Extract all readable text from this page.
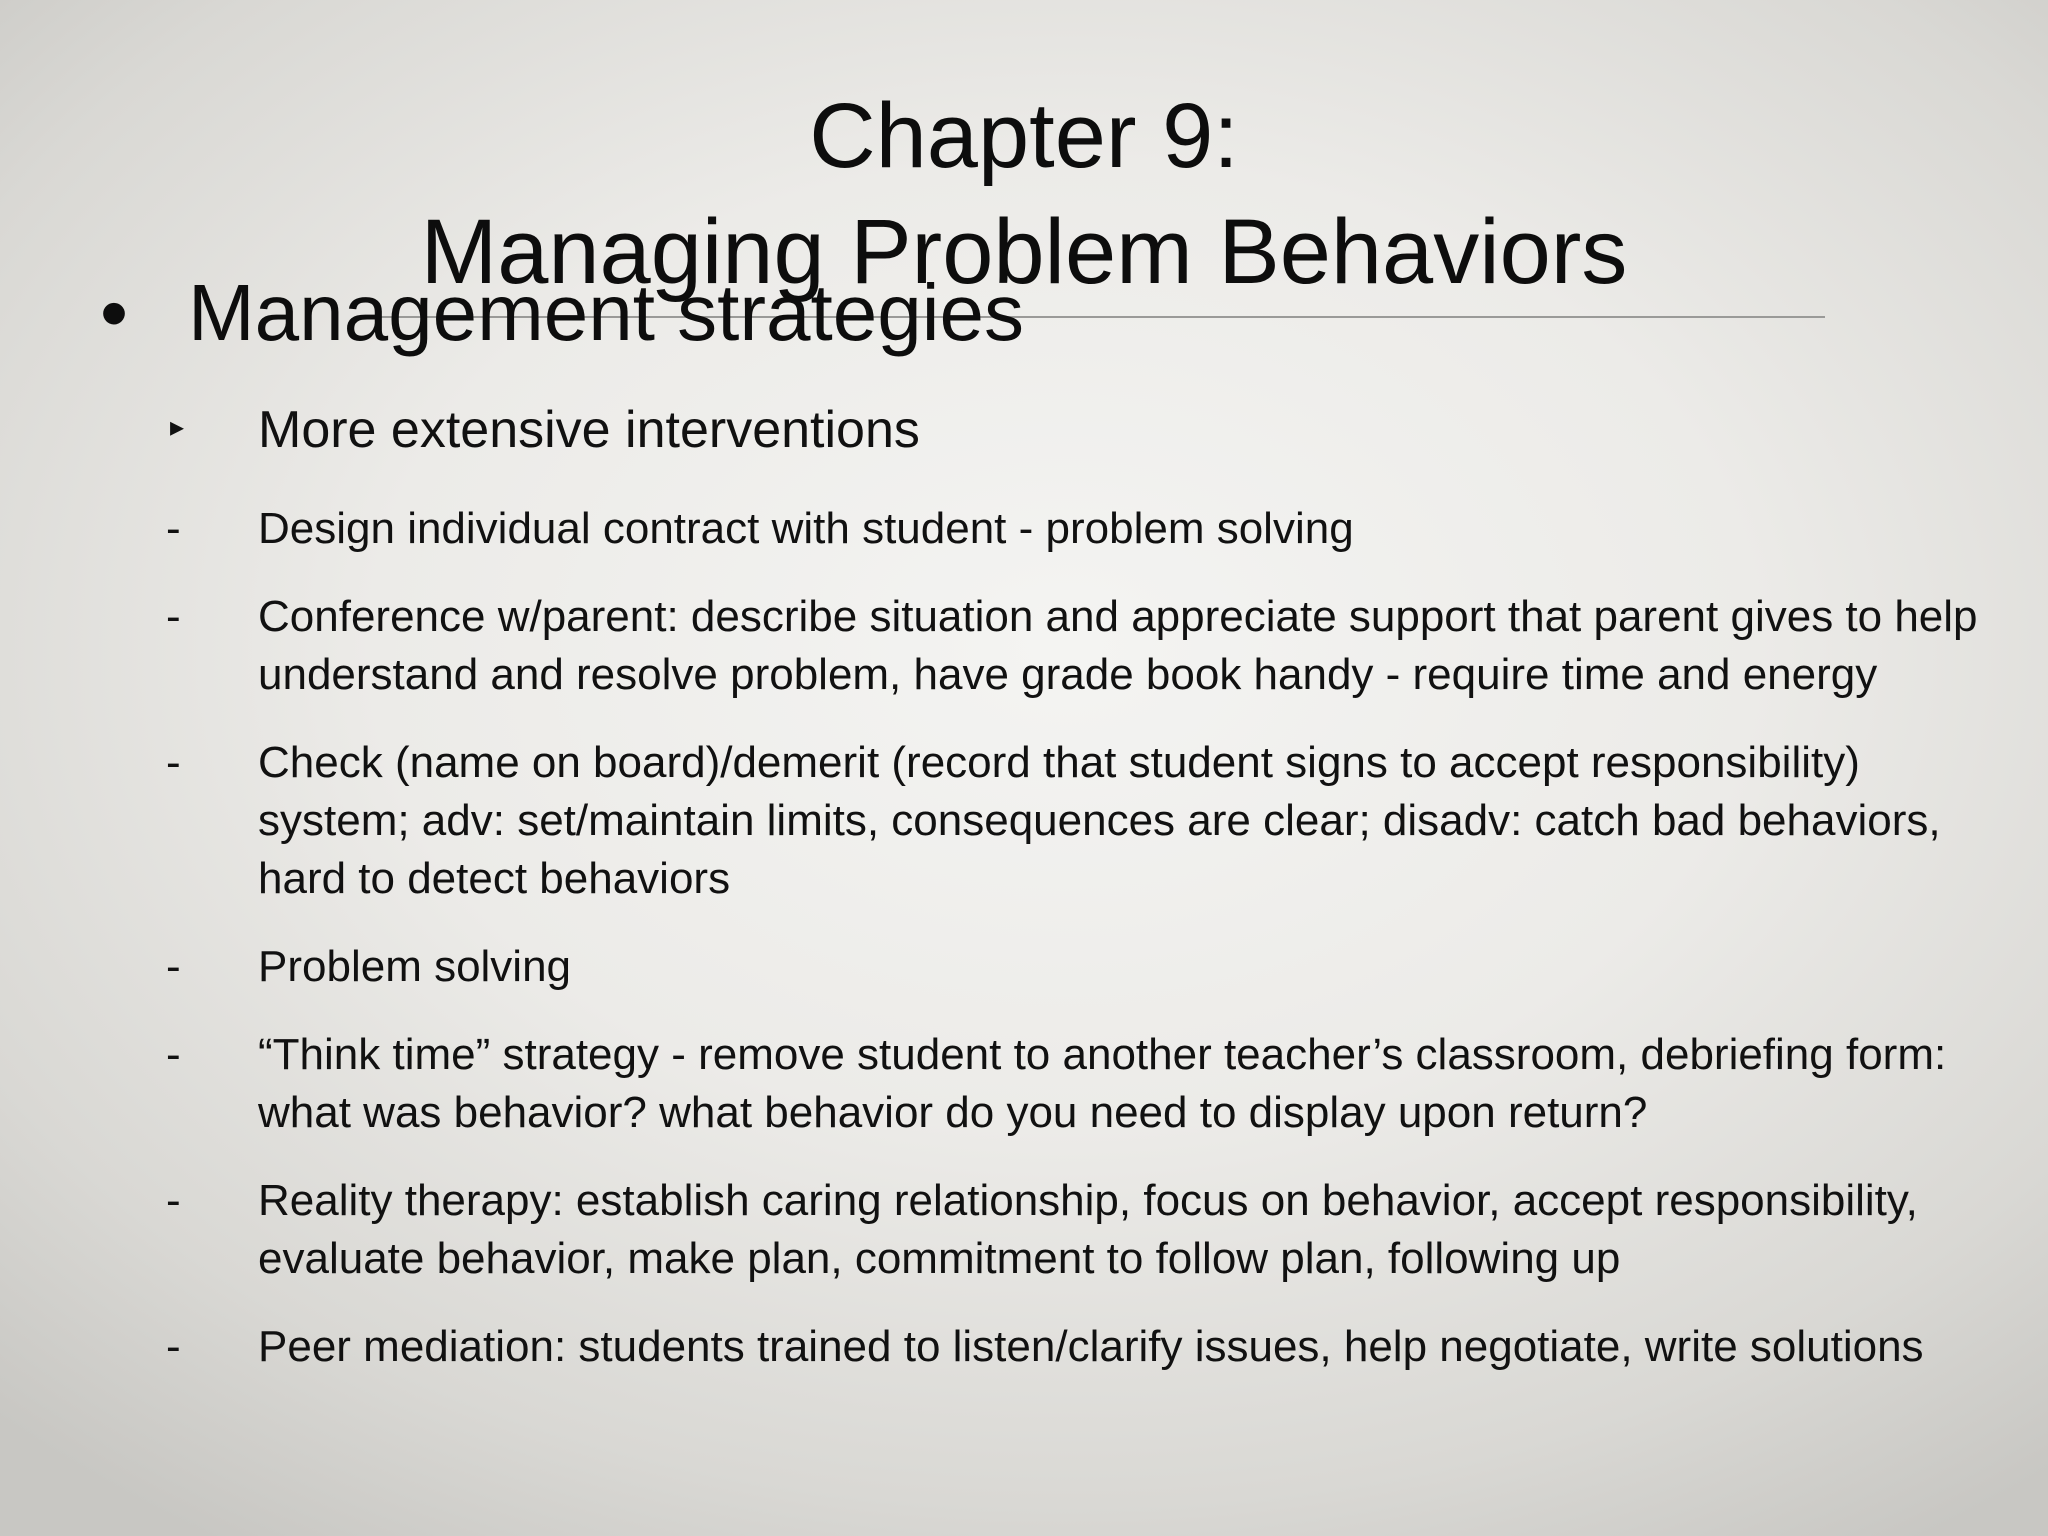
Chapter 9:
Managing Problem Behaviors
• Management strategies
▸ More extensive interventions
-	Design individual contract with student - problem solving
-	Conference w/parent: describe situation and appreciate support that parent gives to help understand and resolve problem, have grade book handy - require time and energy
-	Check (name on board)/demerit (record that student signs to accept responsibility) system; adv: set/maintain limits, consequences are clear; disadv: catch bad behaviors, hard to detect behaviors
-	Problem solving
-	“Think time” strategy - remove student to another teacher’s classroom, debriefing form: what was behavior? what behavior do you need to display upon return?
-	Reality therapy: establish caring relationship, focus on behavior, accept responsibility, evaluate behavior, make plan, commitment to follow plan, following up
-	Peer mediation: students trained to listen/clarify issues, help negotiate, write solutions
